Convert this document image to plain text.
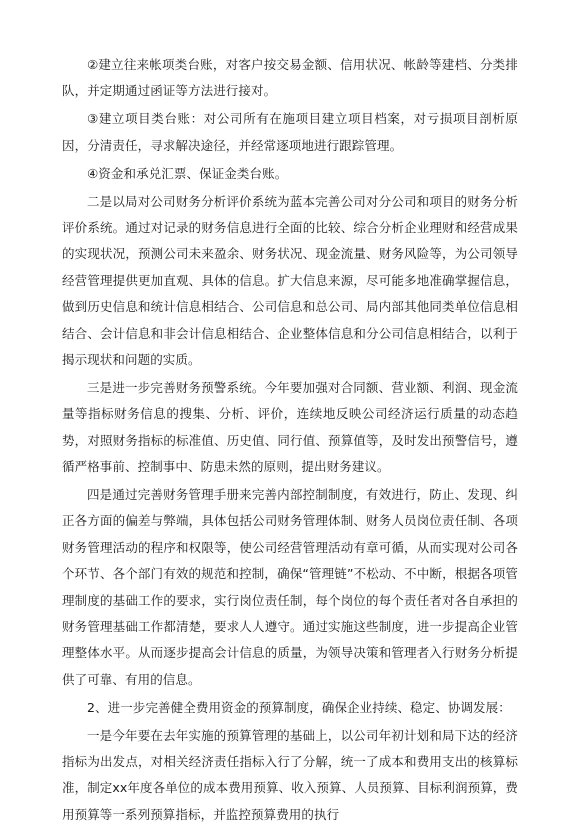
②建立往来帐项类台账，对客户按交易金额、信用状况、帐龄等建档、分类排队，并定期通过函证等方法进行接对。

③建立项目类台账：对公司所有在施项目建立项目档案，对亏损项目剖析原因，分清责任，寻求解决途径，并经常逐项地进行跟踪管理。

④资金和承兑汇票、保证金类台账。

二是以局对公司财务分析评价系统为蓝本完善公司对分公司和项目的财务分析评价系统。通过对记录的财务信息进行全面的比较、综合分析企业理财和经营成果的实现状况，预测公司未来盈余、财务状况、现金流量、财务风险等，为公司领导经营管理提供更加直观、具体的信息。扩大信息来源，尽可能多地准确掌握信息，做到历史信息和统计信息相结合、公司信息和总公司、局内部其他同类单位信息相结合、会计信息和非会计信息相结合、企业整体信息和分公司信息相结合，以利于揭示现状和问题的实质。

三是进一步完善财务预警系统。今年要加强对合同额、营业额、利润、现金流量等指标财务信息的搜集、分析、评价，连续地反映公司经济运行质量的动态趋势，对照财务指标的标准值、历史值、同行值、预算值等，及时发出预警信号，遵循严格事前、控制事中、防患未然的原则，提出财务建议。

四是通过完善财务管理手册来完善内部控制制度，有效进行，防止、发现、纠正各方面的偏差与弊端，具体包括公司财务管理体制、财务人员岗位责任制、各项财务管理活动的程序和权限等，使公司经营管理活动有章可循，从而实现对公司各个环节、各个部门有效的规范和控制，确保“管理链”不松动、不中断，根据各项管理制度的基础工作的要求，实行岗位责任制，每个岗位的每个责任者对各自承担的财务管理基础工作都清楚，要求人人遵守。通过实施这些制度，进一步提高企业管理整体水平。从而逐步提高会计信息的质量，为领导决策和管理者入行财务分析提供了可靠、有用的信息。

2、进一步完善健全费用资金的预算制度，确保企业持续、稳定、协调发展：

一是今年要在去年实施的预算管理的基础上，以公司年初计划和局下达的经济指标为出发点，对相关经济责任指标入行了分解，统一了成本和费用支出的核算标准，制定xx年度各单位的成本费用预算、收入预算、人员预算、目标利润预算，费用预算等一系列预算指标，并监控预算费用的执行
